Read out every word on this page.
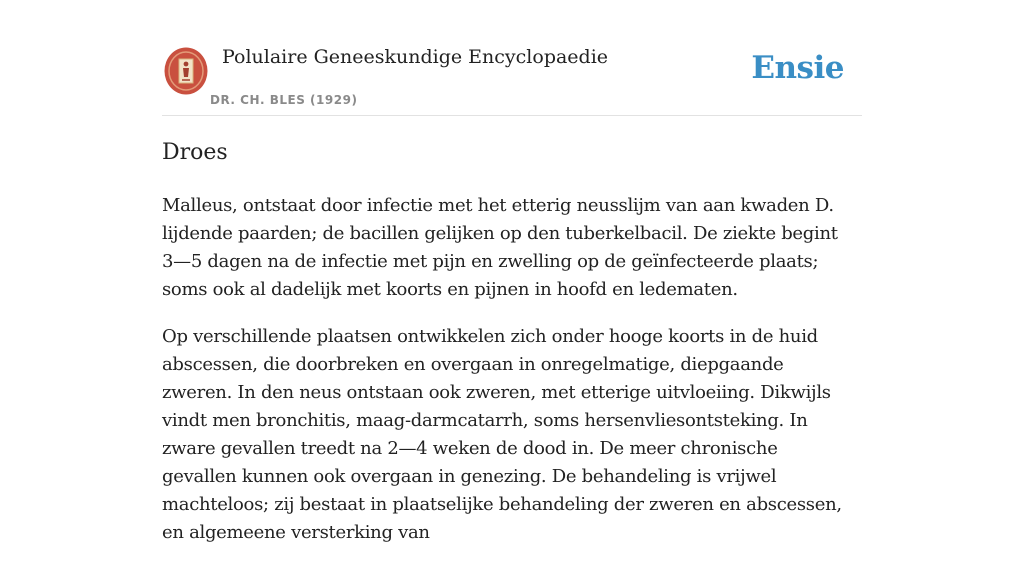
Polulaire Geneeskundige Encyclopaedie
DR. CH. BLES (1929)
Ensie
Droes

Malleus, ontstaat door infectie met het etterig neusslijm van aan kwaden D. lijdende paarden; de bacillen gelijken op den tuberkelbacil. De ziekte begint 3—5 dagen na de infectie met pijn en zwelling op de geïnfecteerde plaats; soms ook al dadelijk met koorts en pijnen in hoofd en ledematen.

Op verschillende plaatsen ontwikkelen zich onder hooge koorts in de huid abscessen, die doorbreken en overgaan in onregelmatige, diepgaande zweren. In den neus ontstaan ook zweren, met etterige uitvloeiing. Dikwijls vindt men bronchitis, maag-darmcatarrh, soms hersenvliesontsteking. In zware gevallen treedt na 2—4 weken de dood in. De meer chronische gevallen kunnen ook overgaan in genezing. De behandeling is vrijwel machteloos; zij bestaat in plaatselijke behandeling der zweren en abscessen, en algemeene versterking van
